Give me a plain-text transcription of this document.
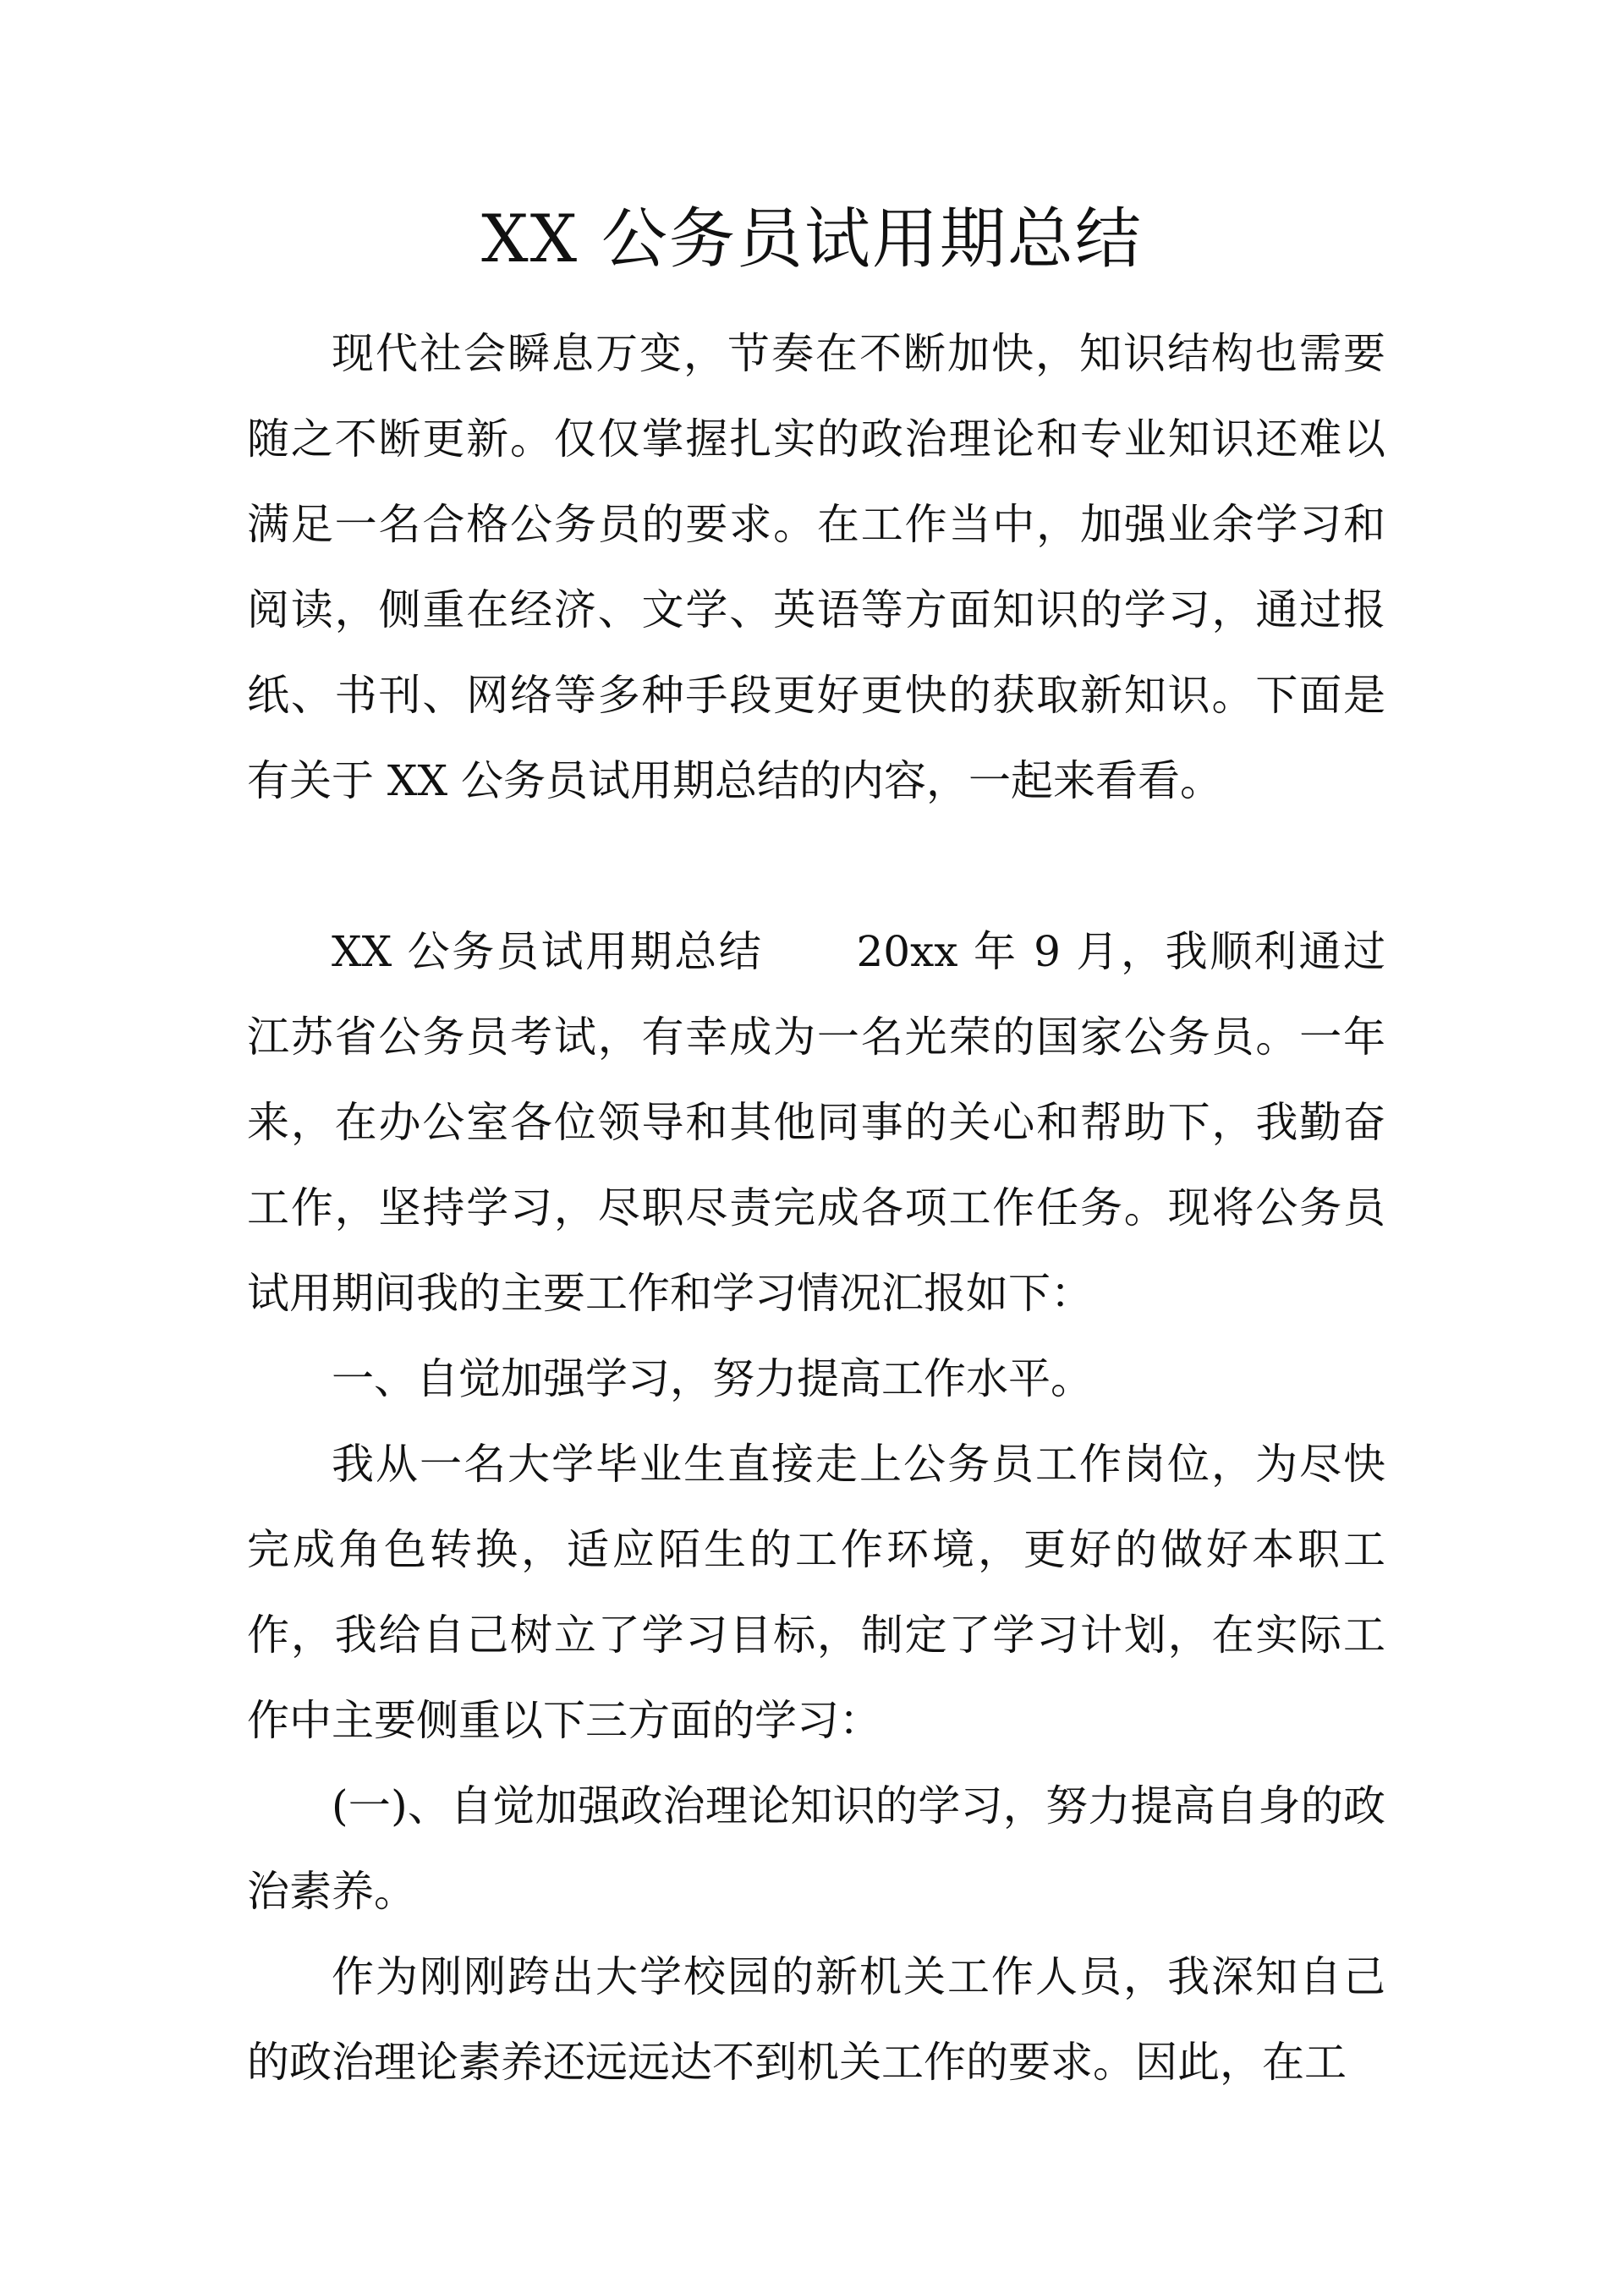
XX 公务员试用期总结

现代社会瞬息万变，节奏在不断加快，知识结构也需要随之不断更新。仅仅掌握扎实的政治理论和专业知识还难以满足一名合格公务员的要求。在工作当中，加强业余学习和阅读，侧重在经济、文学、英语等方面知识的学习，通过报纸、书刊、网络等多种手段更好更快的获取新知识。下面是有关于 XX 公务员试用期总结的内容，一起来看看。

XX 公务员试用期总结 20xx 年 9 月，我顺利通过江苏省公务员考试，有幸成为一名光荣的国家公务员。一年来，在办公室各位领导和其他同事的关心和帮助下，我勤奋工作，坚持学习，尽职尽责完成各项工作任务。现将公务员试用期间我的主要工作和学习情况汇报如下：

一、自觉加强学习，努力提高工作水平。

我从一名大学毕业生直接走上公务员工作岗位，为尽快完成角色转换，适应陌生的工作环境，更好的做好本职工作，我给自己树立了学习目标，制定了学习计划，在实际工作中主要侧重以下三方面的学习：

(一)、自觉加强政治理论知识的学习，努力提高自身的政治素养。

作为刚刚跨出大学校园的新机关工作人员，我深知自己的政治理论素养还远远达不到机关工作的要求。因此，在工
